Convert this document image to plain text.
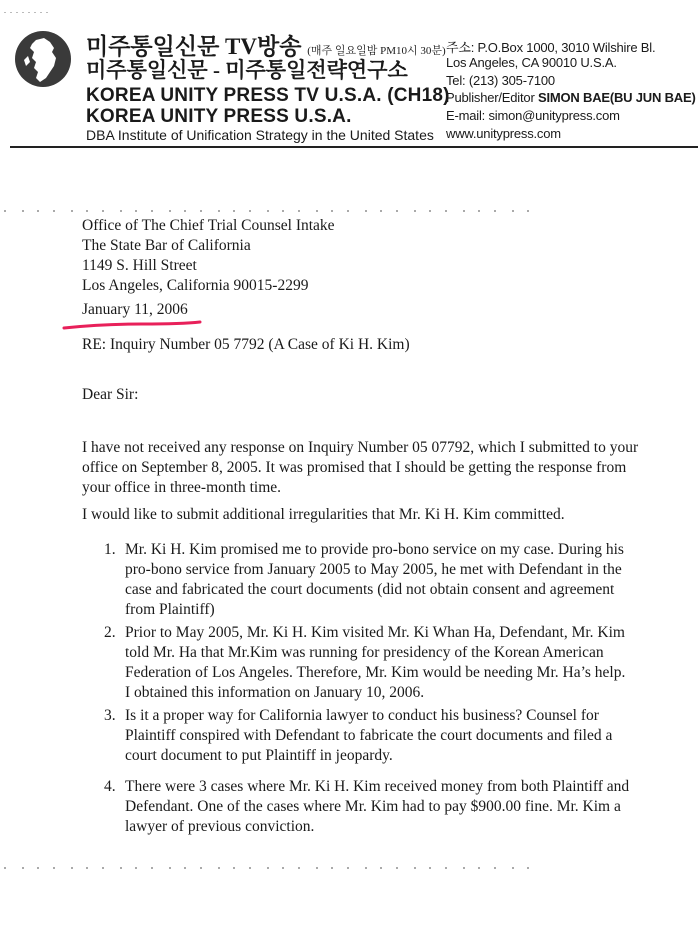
미주통일신문 TV방송 (매주 일요일밤 PM10시 30분)
미주통일신문 - 미주통일전략연구소
KOREA UNITY PRESS TV U.S.A. (CH18)
KOREA UNITY PRESS U.S.A.
DBA Institute of Unification Strategy in the United States
주소: P.O.Box 1000, 3010 Wilshire Bl.
Los Angeles, CA 90010 U.S.A.
Tel: (213) 305-7100
Publisher/Editor SIMON BAE(BU JUN BAE)
E-mail: simon@unitypress.com
www.unitypress.com
Office of The Chief Trial Counsel Intake
The State Bar of California
1149 S. Hill Street
Los Angeles, California 90015-2299
January 11, 2006
RE: Inquiry Number 05 7792 (A Case of Ki H. Kim)
Dear Sir:
I have not received any response on Inquiry Number 05 07792, which I submitted to your
office on September 8, 2005. It was promised that I should be getting the response from
your office in three-month time.
I would like to submit additional irregularities that Mr. Ki H. Kim committed.
1. Mr. Ki H. Kim promised me to provide pro-bono service on my case. During his
pro-bono service from January 2005 to May 2005, he met with Defendant in the
case and fabricated the court documents (did not obtain consent and agreement
from Plaintiff)
2. Prior to May 2005, Mr. Ki H. Kim visited Mr. Ki Whan Ha, Defendant, Mr. Kim
told Mr. Ha that Mr.Kim was running for presidency of the Korean American
Federation of Los Angeles. Therefore, Mr. Kim would be needing Mr. Ha’s help.
I obtained this information on January 10, 2006.
3. Is it a proper way for California lawyer to conduct his business? Counsel for
Plaintiff conspired with Defendant to fabricate the court documents and filed a
court document to put Plaintiff in jeopardy.
4. There were 3 cases where Mr. Ki H. Kim received money from both Plaintiff and
Defendant. One of the cases where Mr. Kim had to pay $900.00 fine. Mr. Kim a
lawyer of previous conviction.
